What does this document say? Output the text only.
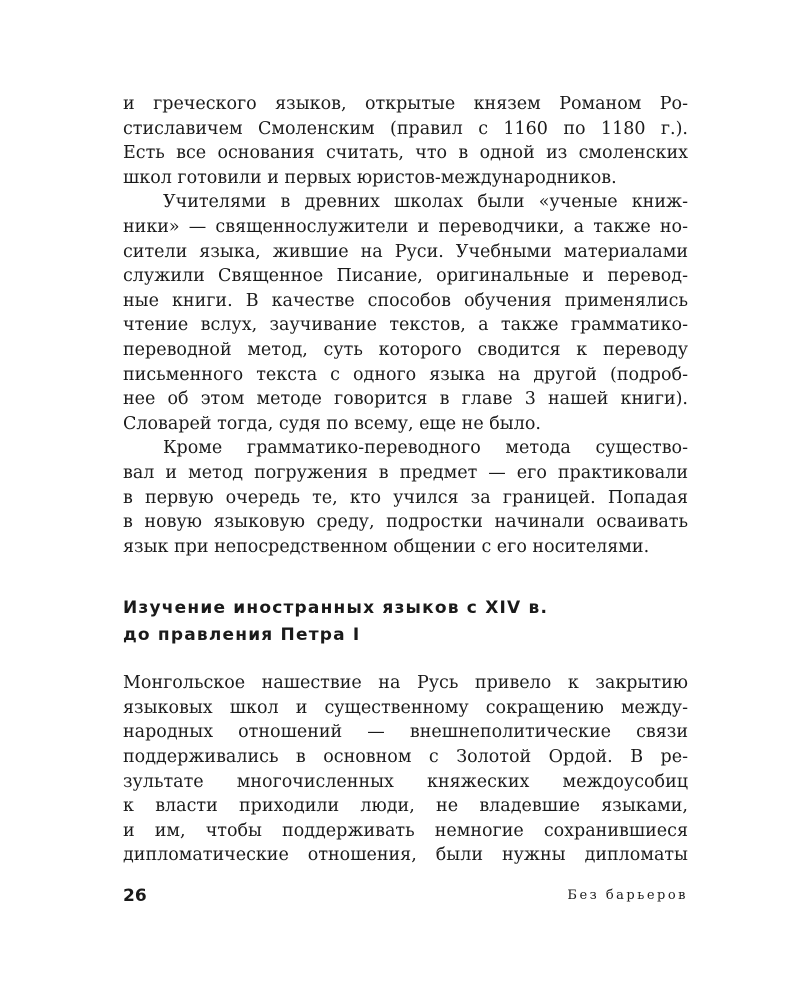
и греческого языков, открытые князем Романом Ро-
стиславичем Смоленским (правил с 1160 по 1180 г.).
Есть все основания считать, что в одной из смоленских
школ готовили и первых юристов-международников.
Учителями в древних школах были «ученые книж-
ники» — священнослужители и переводчики, а также но-
сители языка, жившие на Руси. Учебными материалами
служили Священное Писание, оригинальные и перевод-
ные книги. В качестве способов обучения применялись
чтение вслух, заучивание текстов, а также грамматико-
переводной метод, суть которого сводится к переводу
письменного текста с одного языка на другой (подроб-
нее об этом методе говорится в главе 3 нашей книги).
Словарей тогда, судя по всему, еще не было.
Кроме грамматико-переводного метода существо-
вал и метод погружения в предмет — его практиковали
в первую очередь те, кто учился за границей. Попадая
в новую языковую среду, подростки начинали осваивать
язык при непосредственном общении с его носителями.
Изучение иностранных языков с XIV в.
до правления Петра I
Монгольское нашествие на Русь привело к закрытию
языковых школ и существенному сокращению между-
народных отношений — внешнеполитические связи
поддерживались в основном с Золотой Ордой. В ре-
зультате многочисленных княжеских междоусобиц
к власти приходили люди, не владевшие языками,
и им, чтобы поддерживать немногие сохранившиеся
дипломатические отношения, были нужны дипломаты
26	Без барьеров
